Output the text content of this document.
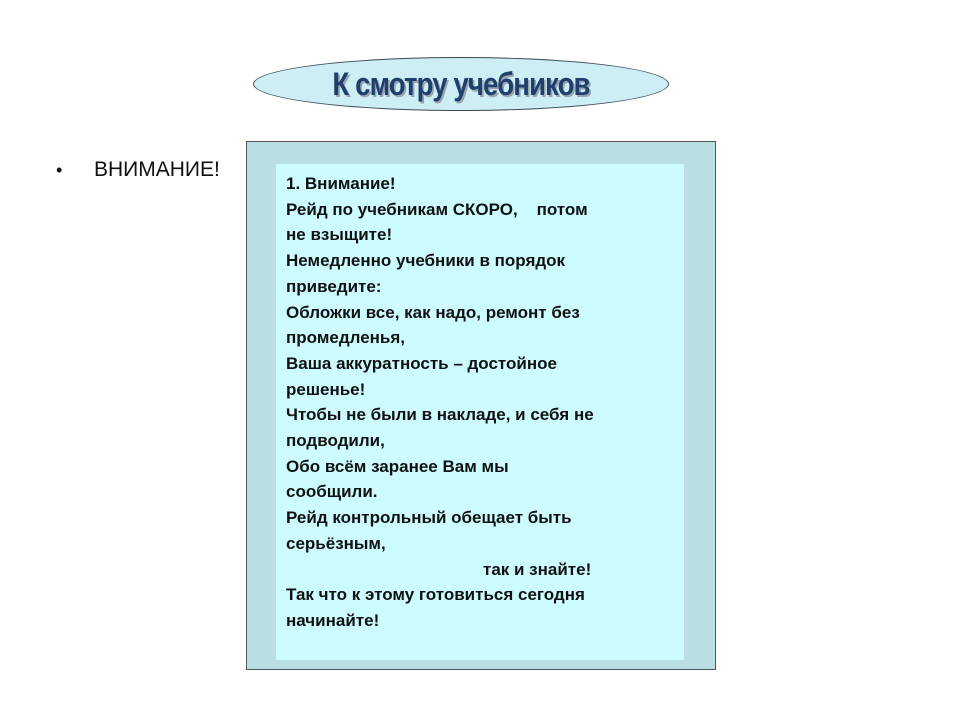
К смотру учебников
•	ВНИМАНИЕ!

1. Внимание!

Рейд по учебникам СКОРО,    потом

не взыщите!

Немедленно учебники в порядок

приведите:

Обложки все, как надо, ремонт без

промедленья,

Ваша аккуратность – достойное

решенье!

Чтобы не были в накладе, и себя не

подводили,

Обо всём заранее Вам мы

сообщили.

Рейд контрольный обещает быть

серьёзным,

так и знайте!

Так что к этому готовиться сегодня

начинайте!
